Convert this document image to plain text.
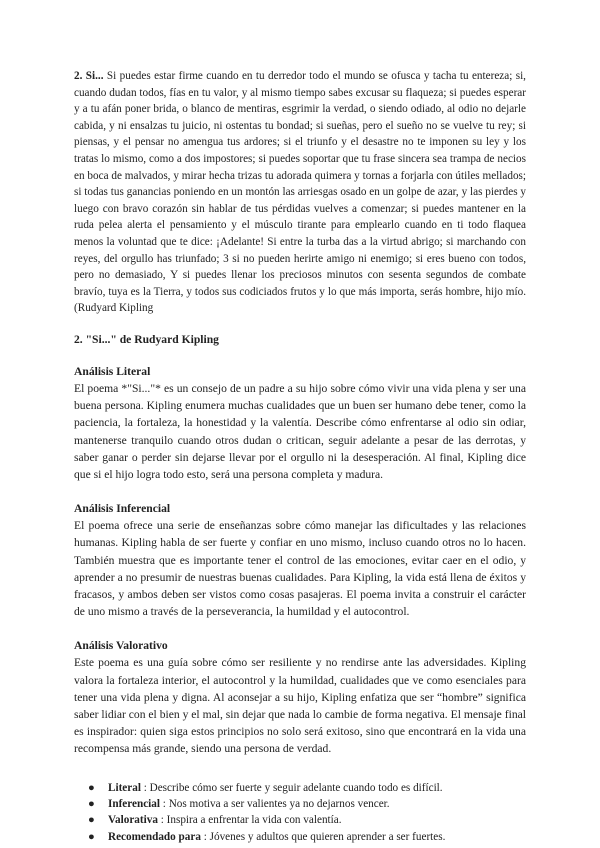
2. Si... Si puedes estar firme cuando en tu derredor todo el mundo se ofusca y tacha tu entereza; si, cuando dudan todos, fías en tu valor, y al mismo tiempo sabes excusar su flaqueza; si puedes esperar y a tu afán poner brida, o blanco de mentiras, esgrimir la verdad, o siendo odiado, al odio no dejarle cabida, y ni ensalzas tu juicio, ni ostentas tu bondad; si sueñas, pero el sueño no se vuelve tu rey; si piensas, y el pensar no amengua tus ardores; si el triunfo y el desastre no te imponen su ley y los tratas lo mismo, como a dos impostores; si puedes soportar que tu frase sincera sea trampa de necios en boca de malvados, y mirar hecha trizas tu adorada quimera y tornas a forjarla con útiles mellados; si todas tus ganancias poniendo en un montón las arriesgas osado en un golpe de azar, y las pierdes y luego con bravo corazón sin hablar de tus pérdidas vuelves a comenzar; si puedes mantener en la ruda pelea alerta el pensamiento y el músculo tirante para emplearlo cuando en ti todo flaquea menos la voluntad que te dice: ¡Adelante! Si entre la turba das a la virtud abrigo; si marchando con reyes, del orgullo has triunfado; 3 si no pueden herirte amigo ni enemigo; si eres bueno con todos, pero no demasiado, Y si puedes llenar los preciosos minutos con sesenta segundos de combate bravío, tuya es la Tierra, y todos sus codiciados frutos y lo que más importa, serás hombre, hijo mío. (Rudyard Kipling

2. "Si..." de Rudyard Kipling

Análisis Literal

El poema *"Si..."* es un consejo de un padre a su hijo sobre cómo vivir una vida plena y ser una buena persona. Kipling enumera muchas cualidades que un buen ser humano debe tener, como la paciencia, la fortaleza, la honestidad y la valentía. Describe cómo enfrentarse al odio sin odiar, mantenerse tranquilo cuando otros dudan o critican, seguir adelante a pesar de las derrotas, y saber ganar o perder sin dejarse llevar por el orgullo ni la desesperación. Al final, Kipling dice que si el hijo logra todo esto, será una persona completa y madura.

Análisis Inferencial

El poema ofrece una serie de enseñanzas sobre cómo manejar las dificultades y las relaciones humanas. Kipling habla de ser fuerte y confiar en uno mismo, incluso cuando otros no lo hacen. También muestra que es importante tener el control de las emociones, evitar caer en el odio, y aprender a no presumir de nuestras buenas cualidades. Para Kipling, la vida está llena de éxitos y fracasos, y ambos deben ser vistos como cosas pasajeras. El poema invita a construir el carácter de uno mismo a través de la perseverancia, la humildad y el autocontrol.

Análisis Valorativo

Este poema es una guía sobre cómo ser resiliente y no rendirse ante las adversidades. Kipling valora la fortaleza interior, el autocontrol y la humildad, cualidades que ve como esenciales para tener una vida plena y digna. Al aconsejar a su hijo, Kipling enfatiza que ser “hombre” significa saber lidiar con el bien y el mal, sin dejar que nada lo cambie de forma negativa. El mensaje final es inspirador: quien siga estos principios no solo será exitoso, sino que encontrará en la vida una recompensa más grande, siendo una persona de verdad.

● Literal : Describe cómo ser fuerte y seguir adelante cuando todo es difícil.
● Inferencial : Nos motiva a ser valientes ya no dejarnos vencer.
● Valorativa : Inspira a enfrentar la vida con valentía.
● Recomendado para : Jóvenes y adultos que quieren aprender a ser fuertes.
